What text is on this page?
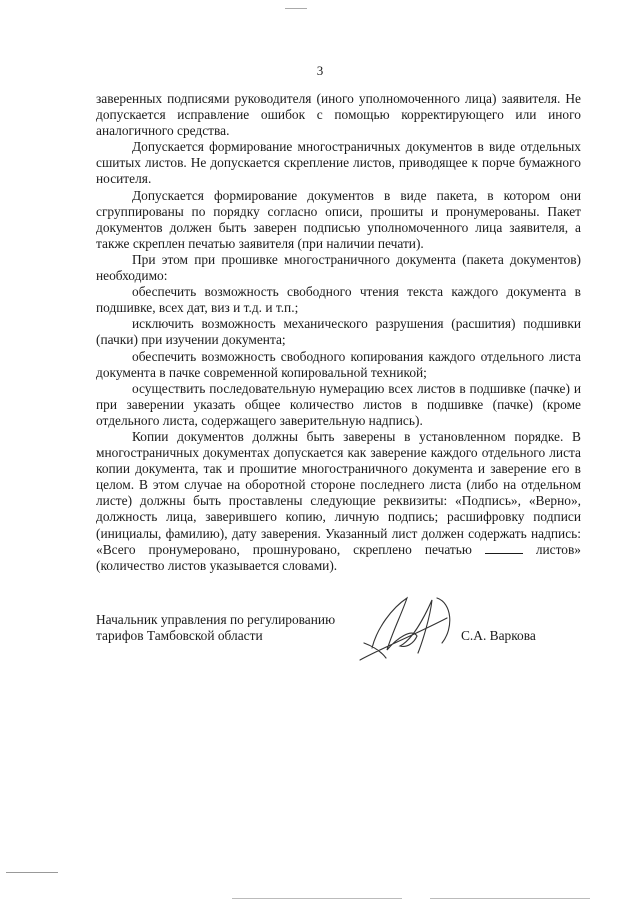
3

заверенных подписями руководителя (иного уполномоченного лица) заявителя. Не допускается исправление ошибок с помощью корректирующего или иного аналогичного средства.

Допускается формирование многостраничных документов в виде отдельных сшитых листов. Не допускается скрепление листов, приводящее к порче бумажного носителя.

Допускается формирование документов в виде пакета, в котором они сгруппированы по порядку согласно описи, прошиты и пронумерованы. Пакет документов должен быть заверен подписью уполномоченного лица заявителя, а также скреплен печатью заявителя (при наличии печати).

При этом при прошивке многостраничного документа (пакета документов) необходимо:

обеспечить возможность свободного чтения текста каждого документа в подшивке, всех дат, виз и т.д. и т.п.;

исключить возможность механического разрушения (расшития) подшивки (пачки) при изучении документа;

обеспечить возможность свободного копирования каждого отдельного листа документа в пачке современной копировальной техникой;

осуществить последовательную нумерацию всех листов в подшивке (пачке) и при заверении указать общее количество листов в подшивке (пачке) (кроме отдельного листа, содержащего заверительную надпись).

Копии документов должны быть заверены в установленном порядке. В многостраничных документах допускается как заверение каждого отдельного листа копии документа, так и прошитие многостраничного документа и заверение его в целом. В этом случае на оборотной стороне последнего листа (либо на отдельном листе) должны быть проставлены следующие реквизиты: «Подпись», «Верно», должность лица, заверившего копию, личную подпись; расшифровку подписи (инициалы, фамилию), дату заверения. Указанный лист должен содержать надпись: «Всего пронумеровано, прошнуровано, скреплено печатью	листов» (количество листов указывается словами).

Начальник управления по регулированию
тарифов Тамбовской области	С.А. Варкова
